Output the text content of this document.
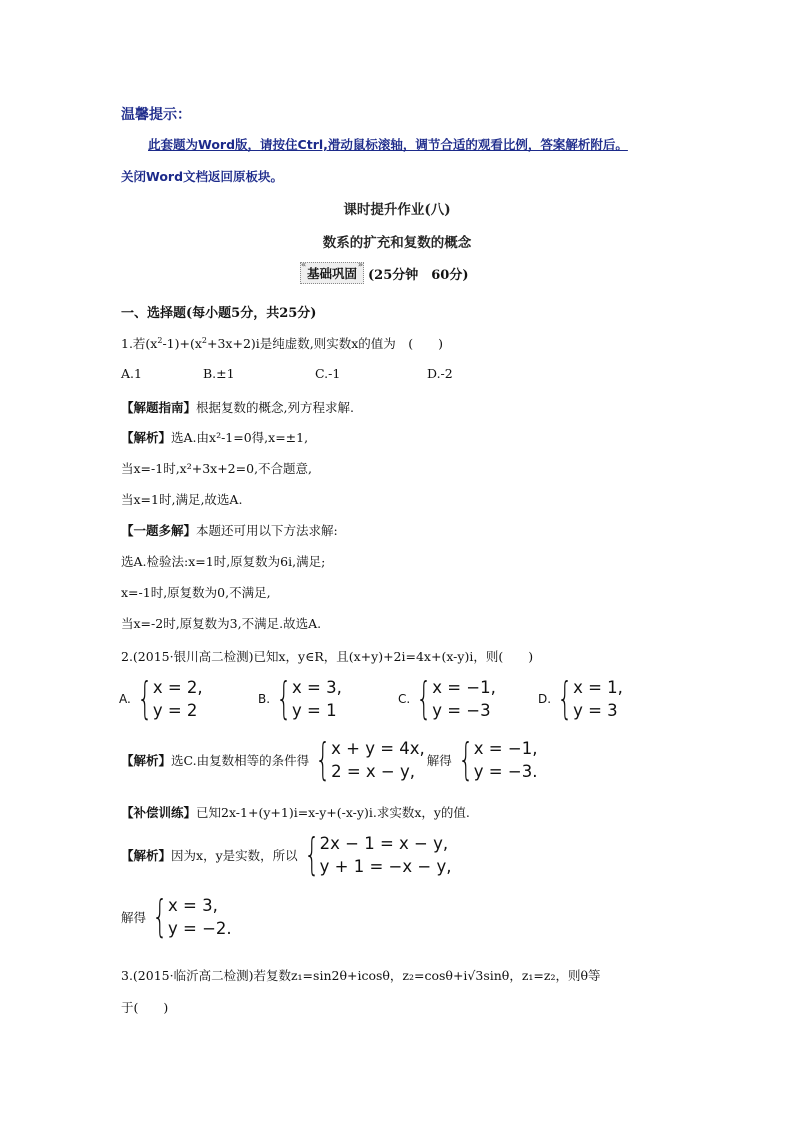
温馨提示：
此套题为Word版，请按住Ctrl,滑动鼠标滚轴，调节合适的观看比例，答案解析附后。
关闭Word文档返回原板块。
课时提升作业(八)
数系的扩充和复数的概念
« 基础巩固 » (25分钟　60分)
一、选择题(每小题5分，共25分)
1.若$(x^2-1)+(x^2+3x+2)i$是纯虚数,则实数x的值为　(　　)
A.1	B.±1	C.-1	D.-2
【解题指南】根据复数的概念,列方程求解.
【解析】选A.由x²-1=0得,x=±1,
当x=-1时,x²+3x+2=0,不合题意,
当x=1时,满足,故选A.
【一题多解】本题还可用以下方法求解:
选A.检验法:x=1时,原复数为6i,满足;
x=-1时,原复数为0,不满足,
当x=-2时,原复数为3,不满足.故选A.
2.(2015·银川高二检测)已知x，y∈R，且(x+y)+2i=4x+(x-y)i，则(　　)
A. { x = 2,
y = 2
B. { x = 3,
y = 1
C. { x = −1,
y = −3
D. { x = 1,
y = 3
【解析】 选C.由复数相等的条件得 { x + y = 4x,
2 = x − y,
解得 { x = −1,
y = −3.
【补偿训练】已知2x-1+(y+1)i=x-y+(-x-y)i.求实数x，y的值.
【解析】 因为x，y是实数，所以 { 2x − 1 = x − y,
y + 1 = −x − y,
解得 { x = 3,
y = −2.
3.(2015·临沂高二检测)若复数z₁=sin2θ+icosθ，z₂=cosθ+i√3sinθ，z₁=z₂，则θ等
于(　　)
